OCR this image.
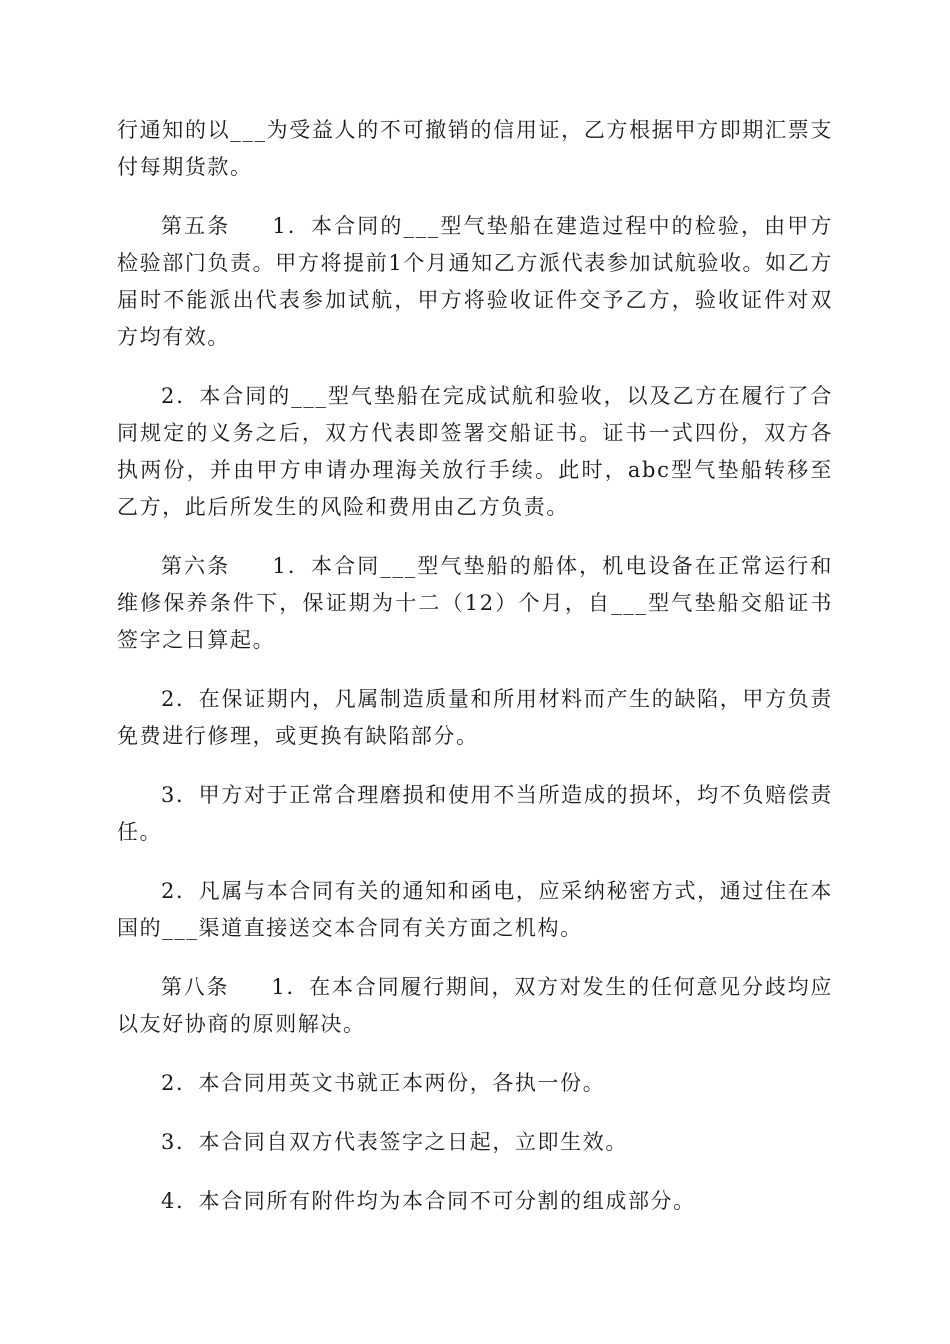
行通知的以___为受益人的不可撤销的信用证，乙方根据甲方即期汇票支付每期货款。

第五条 1．本合同的___型气垫船在建造过程中的检验，由甲方检验部门负责。甲方将提前1个月通知乙方派代表参加试航验收。如乙方届时不能派出代表参加试航，甲方将验收证件交予乙方，验收证件对双方均有效。

2．本合同的___型气垫船在完成试航和验收，以及乙方在履行了合同规定的义务之后，双方代表即签署交船证书。证书一式四份，双方各执两份，并由甲方申请办理海关放行手续。此时，abc型气垫船转移至乙方，此后所发生的风险和费用由乙方负责。

第六条 1．本合同___型气垫船的船体，机电设备在正常运行和维修保养条件下，保证期为十二（12）个月，自___型气垫船交船证书签字之日算起。

2．在保证期内，凡属制造质量和所用材料而产生的缺陷，甲方负责免费进行修理，或更换有缺陷部分。

3．甲方对于正常合理磨损和使用不当所造成的损坏，均不负赔偿责任。

2．凡属与本合同有关的通知和函电，应采纳秘密方式，通过住在本国的___渠道直接送交本合同有关方面之机构。

第八条 1．在本合同履行期间，双方对发生的任何意见分歧均应以友好协商的原则解决。

2．本合同用英文书就正本两份，各执一份。

3．本合同自双方代表签字之日起，立即生效。

4．本合同所有附件均为本合同不可分割的组成部分。
